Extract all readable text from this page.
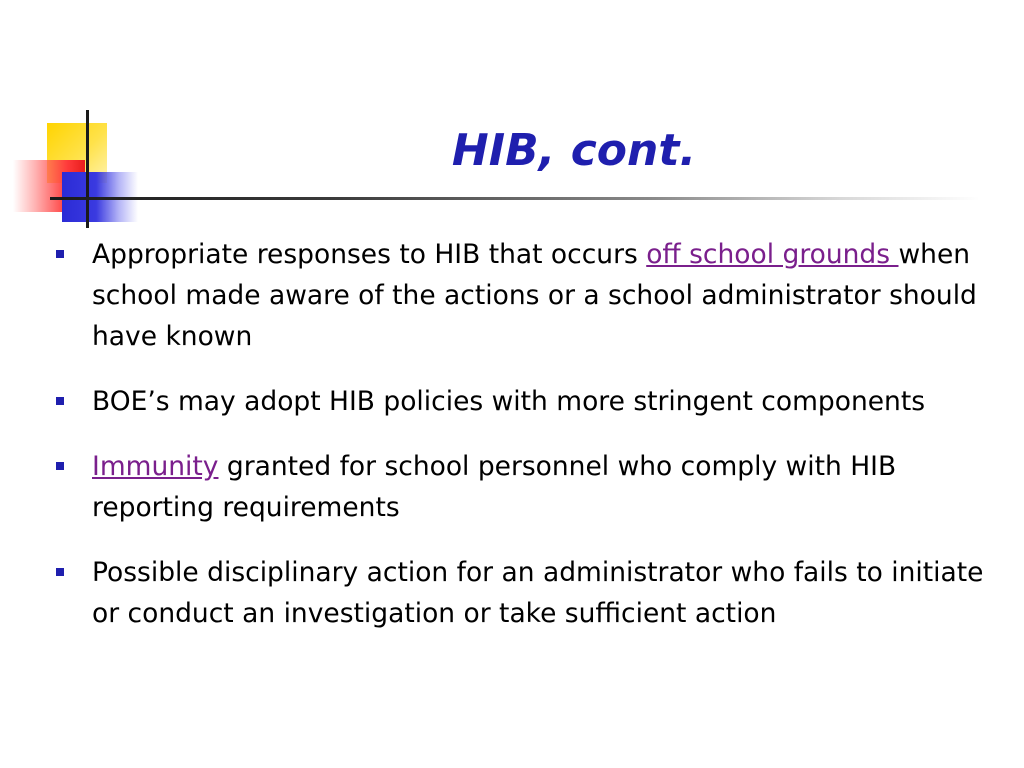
HIB, cont.
Appropriate responses to HIB that occurs off school grounds when school made aware of the actions or a school administrator should have known
BOE’s may adopt HIB policies with more stringent components
Immunity granted for school personnel who comply with HIB reporting requirements
Possible disciplinary action for an administrator who fails to initiate or conduct an investigation or take sufficient action
